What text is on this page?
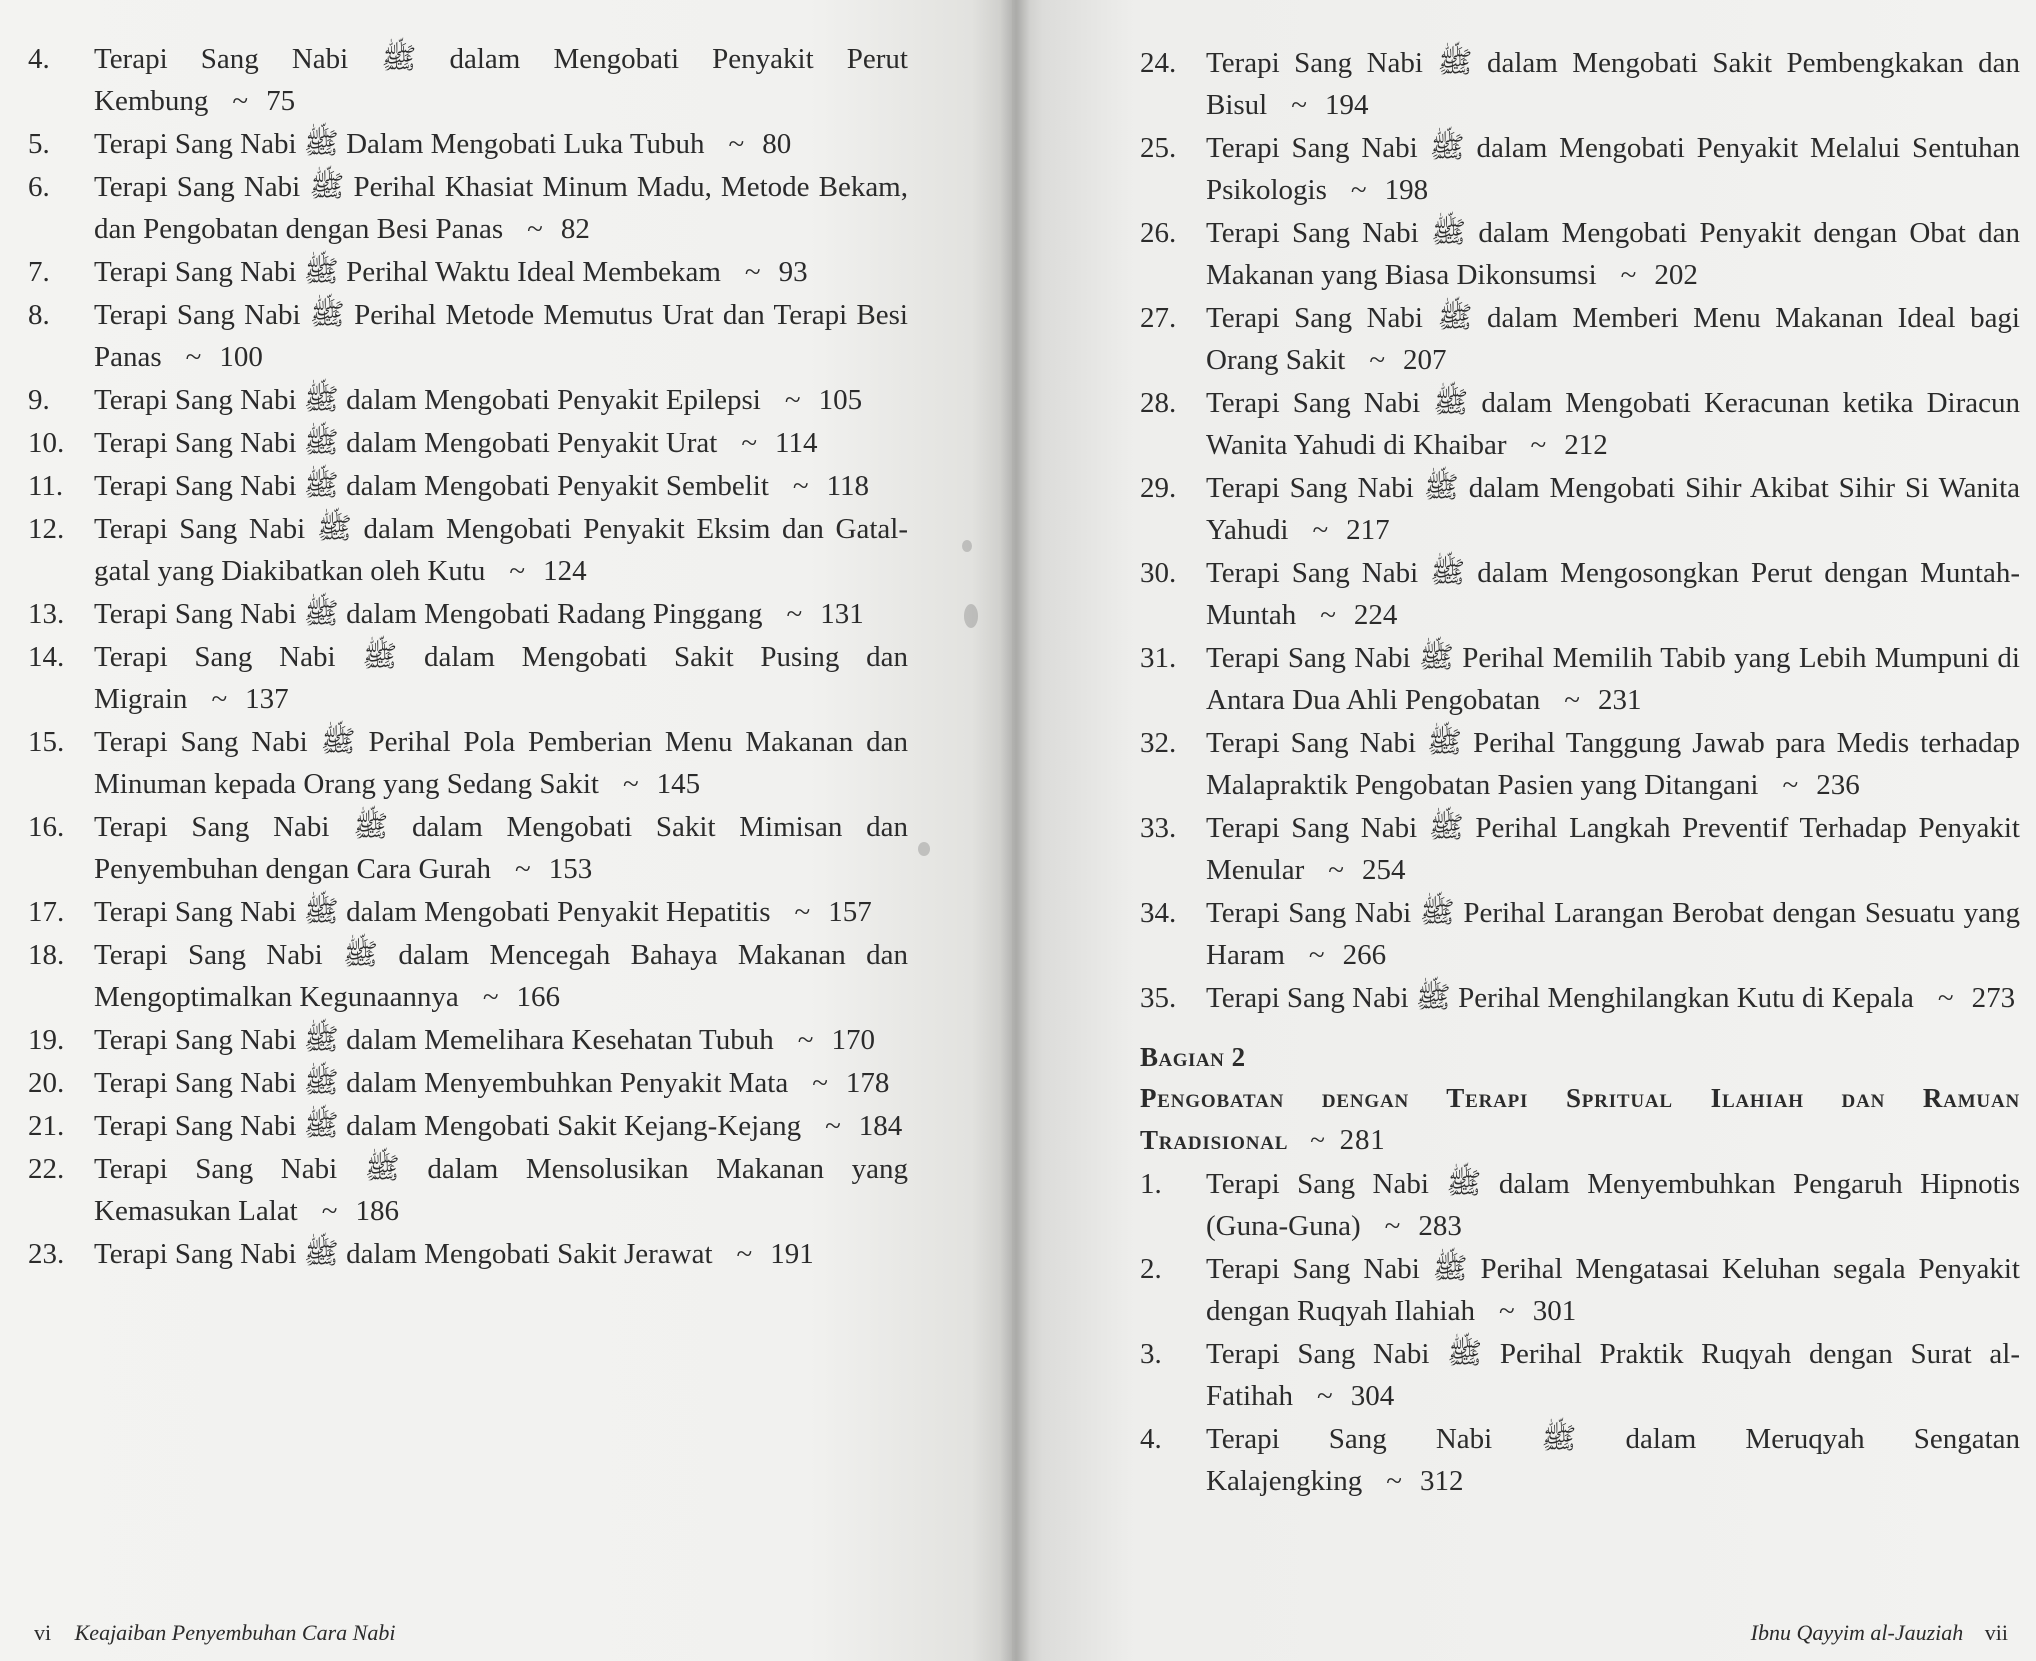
4.	Terapi Sang Nabi ﷺ dalam Mengobati Penyakit Perut Kembung ~ 75
5.	Terapi Sang Nabi ﷺ Dalam Mengobati Luka Tubuh ~ 80
6.	Terapi Sang Nabi ﷺ Perihal Khasiat Minum Madu, Metode Bekam, dan Pengobatan dengan Besi Panas ~ 82
7.	Terapi Sang Nabi ﷺ Perihal Waktu Ideal Membekam ~ 93
8.	Terapi Sang Nabi ﷺ Perihal Metode Memutus Urat dan Terapi Besi Panas ~ 100
9.	Terapi Sang Nabi ﷺ dalam Mengobati Penyakit Epilepsi ~ 105
10.	Terapi Sang Nabi ﷺ dalam Mengobati Penyakit Urat ~ 114
11.	Terapi Sang Nabi ﷺ dalam Mengobati Penyakit Sembelit ~ 118
12.	Terapi Sang Nabi ﷺ dalam Mengobati Penyakit Eksim dan Gatal-gatal yang Diakibatkan oleh Kutu ~ 124
13.	Terapi Sang Nabi ﷺ dalam Mengobati Radang Pinggang ~ 131
14.	Terapi Sang Nabi ﷺ dalam Mengobati Sakit Pusing dan Migrain ~ 137
15.	Terapi Sang Nabi ﷺ Perihal Pola Pemberian Menu Makanan dan Minuman kepada Orang yang Sedang Sakit ~ 145
16.	Terapi Sang Nabi ﷺ dalam Mengobati Sakit Mimisan dan Penyembuhan dengan Cara Gurah ~ 153
17.	Terapi Sang Nabi ﷺ dalam Mengobati Penyakit Hepatitis ~ 157
18.	Terapi Sang Nabi ﷺ dalam Mencegah Bahaya Makanan dan Mengoptimalkan Kegunaannya ~ 166
19.	Terapi Sang Nabi ﷺ dalam Memelihara Kesehatan Tubuh ~ 170
20.	Terapi Sang Nabi ﷺ dalam Menyembuhkan Penyakit Mata ~ 178
21.	Terapi Sang Nabi ﷺ dalam Mengobati Sakit Kejang-Kejang ~ 184
22.	Terapi Sang Nabi ﷺ dalam Mensolusikan Makanan yang Kemasukan Lalat ~ 186
23.	Terapi Sang Nabi ﷺ dalam Mengobati Sakit Jerawat ~ 191
vi Keajaiban Penyembuhan Cara Nabi	Ibnu Qayyim al-Jauziah vii
24.	Terapi Sang Nabi ﷺ dalam Mengobati Sakit Pembengkakan dan Bisul ~ 194
25.	Terapi Sang Nabi ﷺ dalam Mengobati Penyakit Melalui Sentuhan Psikologis ~ 198
26.	Terapi Sang Nabi ﷺ dalam Mengobati Penyakit dengan Obat dan Makanan yang Biasa Dikonsumsi ~ 202
27.	Terapi Sang Nabi ﷺ dalam Memberi Menu Makanan Ideal bagi Orang Sakit ~ 207
28.	Terapi Sang Nabi ﷺ dalam Mengobati Keracunan ketika Diracun Wanita Yahudi di Khaibar ~ 212
29.	Terapi Sang Nabi ﷺ dalam Mengobati Sihir Akibat Sihir Si Wanita Yahudi ~ 217
30.	Terapi Sang Nabi ﷺ dalam Mengosongkan Perut dengan Muntah-Muntah ~ 224
31.	Terapi Sang Nabi ﷺ Perihal Memilih Tabib yang Lebih Mumpuni di Antara Dua Ahli Pengobatan ~ 231
32.	Terapi Sang Nabi ﷺ Perihal Tanggung Jawab para Medis terhadap Malapraktik Pengobatan Pasien yang Ditangani ~ 236
33.	Terapi Sang Nabi ﷺ Perihal Langkah Preventif Terhadap Penyakit Menular ~ 254
34.	Terapi Sang Nabi ﷺ Perihal Larangan Berobat dengan Sesuatu yang Haram ~ 266
35.	Terapi Sang Nabi ﷺ Perihal Menghilangkan Kutu di Kepala ~ 273
Bagian 2
Pengobatan dengan Terapi Spritual Ilahiah dan Ramuan Tradisional ~ 281
1.	Terapi Sang Nabi ﷺ dalam Menyembuhkan Pengaruh Hipnotis (Guna-Guna) ~ 283
2.	Terapi Sang Nabi ﷺ Perihal Mengatasai Keluhan segala Penyakit dengan Ruqyah Ilahiah ~ 301
3.	Terapi Sang Nabi ﷺ Perihal Praktik Ruqyah dengan Surat al-Fatihah ~ 304
4.	Terapi Sang Nabi ﷺ dalam Meruqyah Sengatan Kalajengking ~ 312
